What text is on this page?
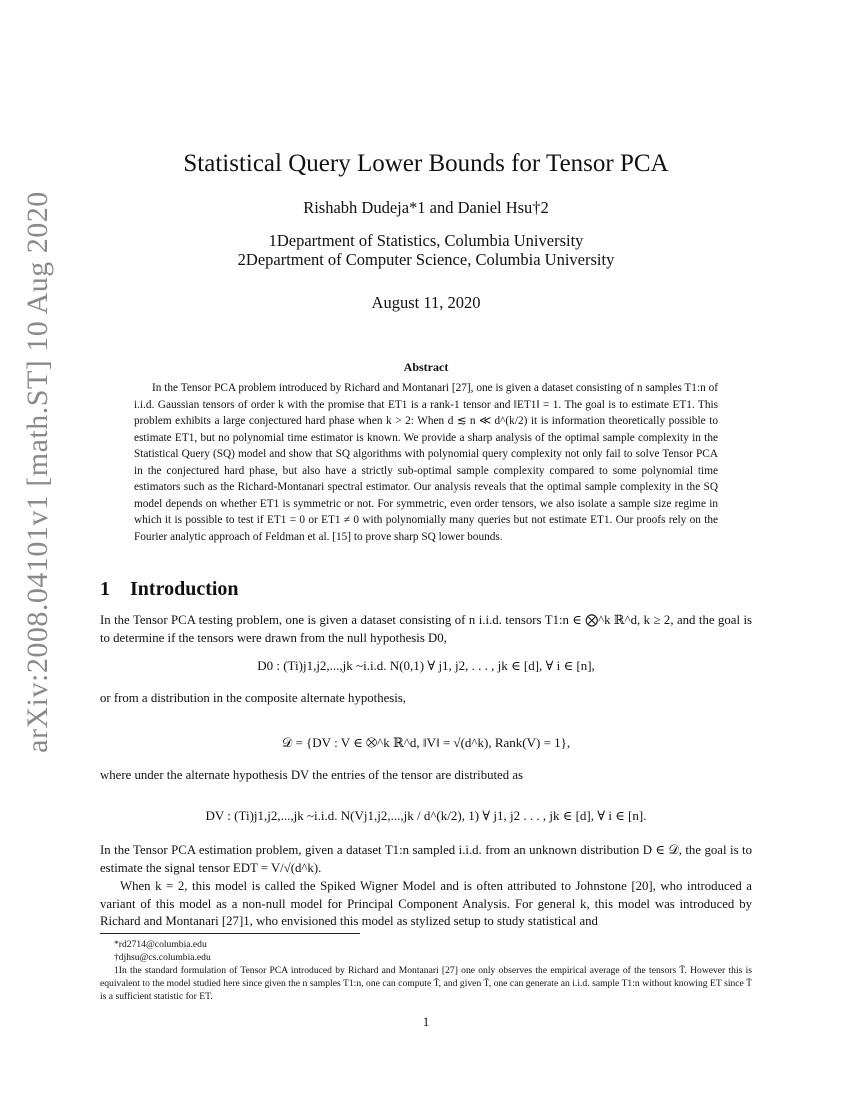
arXiv:2008.04101v1 [math.ST] 10 Aug 2020
Statistical Query Lower Bounds for Tensor PCA
Rishabh Dudeja*1 and Daniel Hsu†2
1Department of Statistics, Columbia University
2Department of Computer Science, Columbia University
August 11, 2020
Abstract

In the Tensor PCA problem introduced by Richard and Montanari [27], one is given a dataset consisting of n samples T1:n of i.i.d. Gaussian tensors of order k with the promise that ET1 is a rank-1 tensor and ‖ET1‖ = 1. The goal is to estimate ET1. This problem exhibits a large conjectured hard phase when k > 2: When d ≲ n ≪ d^(k/2) it is information theoretically possible to estimate ET1, but no polynomial time estimator is known. We provide a sharp analysis of the optimal sample complexity in the Statistical Query (SQ) model and show that SQ algorithms with polynomial query complexity not only fail to solve Tensor PCA in the conjectured hard phase, but also have a strictly sub-optimal sample complexity compared to some polynomial time estimators such as the Richard-Montanari spectral estimator. Our analysis reveals that the optimal sample complexity in the SQ model depends on whether ET1 is symmetric or not. For symmetric, even order tensors, we also isolate a sample size regime in which it is possible to test if ET1 = 0 or ET1 ≠ 0 with polynomially many queries but not estimate ET1. Our proofs rely on the Fourier analytic approach of Feldman et al. [15] to prove sharp SQ lower bounds.

1 Introduction

In the Tensor PCA testing problem, one is given a dataset consisting of n i.i.d. tensors T1:n ∈ ⨂^k ℝ^d, k ≥ 2, and the goal is to determine if the tensors were drawn from the null hypothesis D0,

D0 : (Ti)j1,j2,...,jk ~i.i.d. N(0,1) ∀ j1, j2, . . . , jk ∈ [d], ∀ i ∈ [n],

or from a distribution in the composite alternate hypothesis,

𝒟 = {DV : V ∈ ⨂^k ℝ^d, ‖V‖ = √(d^k), Rank(V) = 1},

where under the alternate hypothesis DV the entries of the tensor are distributed as

DV : (Ti)j1,j2,...,jk ~i.i.d. N(Vj1,j2,...,jk / d^(k/2), 1) ∀ j1, j2 . . . , jk ∈ [d], ∀ i ∈ [n].

In the Tensor PCA estimation problem, given a dataset T1:n sampled i.i.d. from an unknown distribution D ∈ 𝒟, the goal is to estimate the signal tensor EDT = V/√(d^k).

When k = 2, this model is called the Spiked Wigner Model and is often attributed to Johnstone [20], who introduced a variant of this model as a non-null model for Principal Component Analysis. For general k, this model was introduced by Richard and Montanari [27]1, who envisioned this model as stylized setup to study statistical and

*rd2714@columbia.edu

†djhsu@cs.columbia.edu

1In the standard formulation of Tensor PCA introduced by Richard and Montanari [27] one only observes the empirical average of the tensors T̄. However this is equivalent to the model studied here since given the n samples T1:n, one can compute T̄, and given T̄, one can generate an i.i.d. sample T1:n without knowing ET since T̄ is a sufficient statistic for ET.

1
